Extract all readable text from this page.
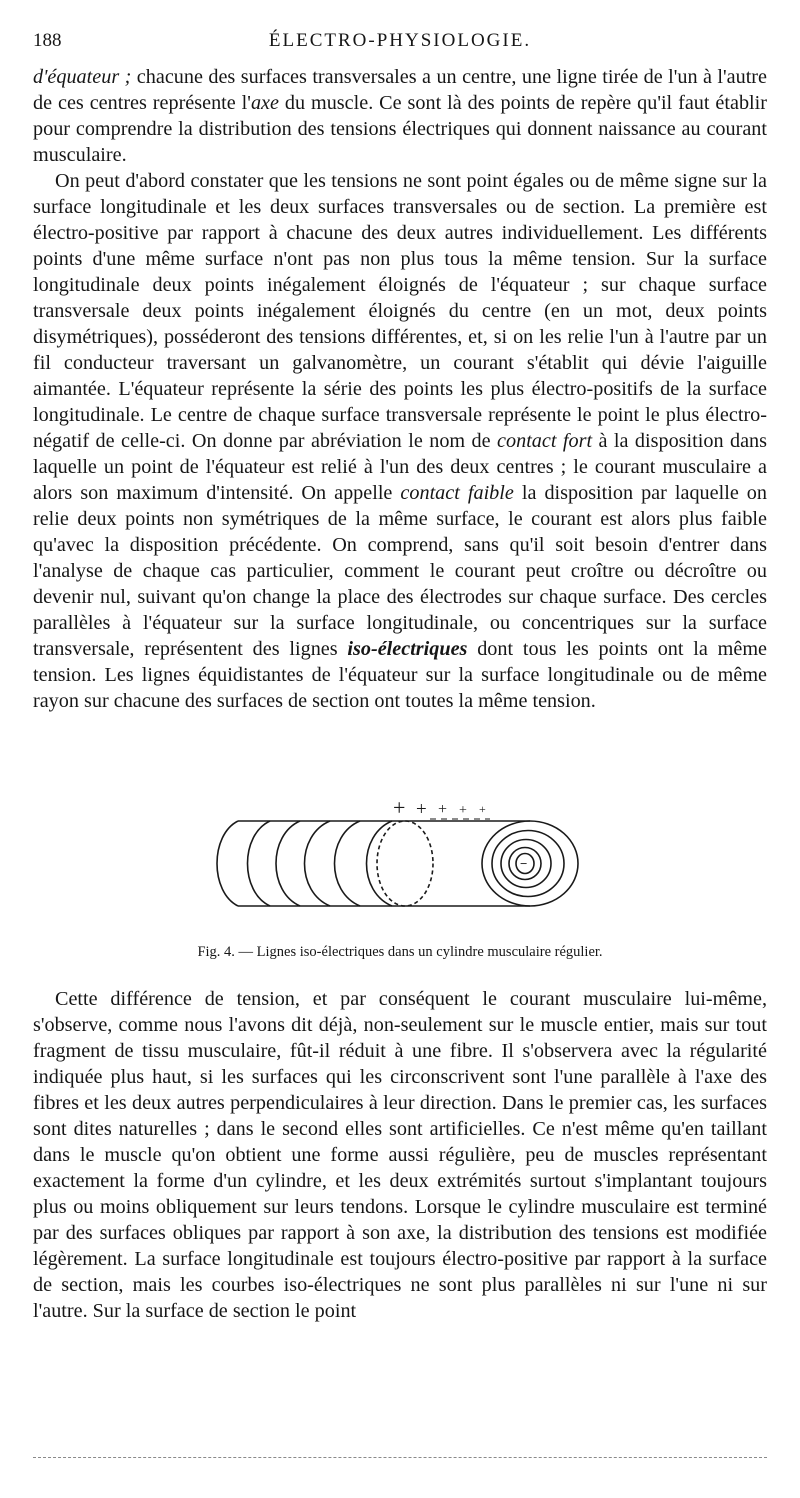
188	ÉLECTRO-PHYSIOLOGIE.

d'équateur ; chacune des surfaces transversales a un centre, une ligne tirée de l'un à l'autre de ces centres représente l'axe du muscle. Ce sont là des points de repère qu'il faut établir pour comprendre la distribution des tensions électriques qui donnent naissance au courant musculaire.

On peut d'abord constater que les tensions ne sont point égales ou de même signe sur la surface longitudinale et les deux surfaces transversales ou de section. La première est électro-positive par rapport à chacune des deux autres individuellement. Les différents points d'une même surface n'ont pas non plus tous la même tension. Sur la surface longitudinale deux points inégalement éloignés de l'équateur ; sur chaque surface transversale deux points inégalement éloignés du centre (en un mot, deux points disymétriques), posséderont des tensions différentes, et, si on les relie l'un à l'autre par un fil conducteur traversant un galvanomètre, un courant s'établit qui dévie l'aiguille aimantée. L'équateur représente la série des points les plus électro-positifs de la surface longitudinale. Le centre de chaque surface transversale représente le point le plus électro-négatif de celle-ci. On donne par abréviation le nom de contact fort à la disposition dans laquelle un point de l'équateur est relié à l'un des deux centres ; le courant musculaire a alors son maximum d'intensité. On appelle contact faible la disposition par laquelle on relie deux points non symétriques de la même surface, le courant est alors plus faible qu'avec la disposition précédente. On comprend, sans qu'il soit besoin d'entrer dans l'analyse de chaque cas particulier, comment le courant peut croître ou décroître ou devenir nul, suivant qu'on change la place des électrodes sur chaque surface. Des cercles parallèles à l'équateur sur la surface longitudinale, ou concentriques sur la surface transversale, représentent des lignes iso-électriques dont tous les points ont la même tension. Les lignes équidistantes de l'équateur sur la surface longitudinale ou de même rayon sur chacune des surfaces de section ont toutes la même tension.

+ + + + +
−
Fig. 4. — Lignes iso-électriques dans un cylindre musculaire régulier.

Cette différence de tension, et par conséquent le courant musculaire lui-même, s'observe, comme nous l'avons dit déjà, non-seulement sur le muscle entier, mais sur tout fragment de tissu musculaire, fût-il réduit à une fibre. Il s'observera avec la régularité indiquée plus haut, si les surfaces qui les circonscrivent sont l'une parallèle à l'axe des fibres et les deux autres perpendiculaires à leur direction. Dans le premier cas, les surfaces sont dites naturelles ; dans le second elles sont artificielles. Ce n'est même qu'en taillant dans le muscle qu'on obtient une forme aussi régulière, peu de muscles représentant exactement la forme d'un cylindre, et les deux extrémités surtout s'implantant toujours plus ou moins obliquement sur leurs tendons. Lorsque le cylindre musculaire est terminé par des surfaces obliques par rapport à son axe, la distribution des tensions est modifiée légèrement. La surface longitudinale est toujours électro-positive par rapport à la surface de section, mais les courbes iso-électriques ne sont plus parallèles ni sur l'une ni sur l'autre. Sur la surface de section le point
